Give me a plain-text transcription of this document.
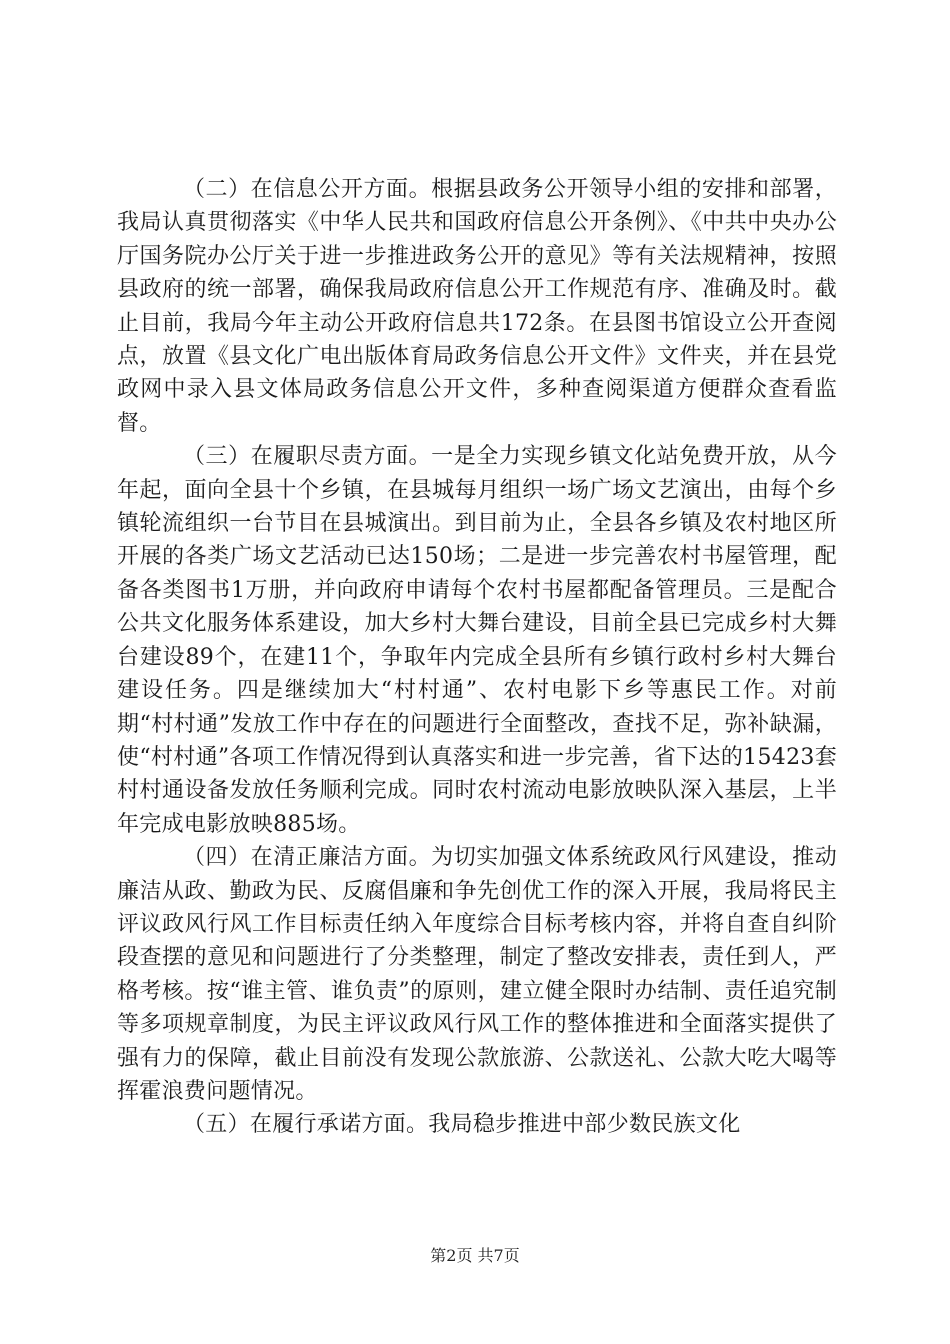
（二）在信息公开方面。根据县政务公开领导小组的安排和部署，我局认真贯彻落实《中华人民共和国政府信息公开条例》、《中共中央办公厅国务院办公厅关于进一步推进政务公开的意见》等有关法规精神，按照县政府的统一部署，确保我局政府信息公开工作规范有序、准确及时。截止目前，我局今年主动公开政府信息共172条。在县图书馆设立公开查阅点，放置《县文化广电出版体育局政务信息公开文件》文件夹，并在县党政网中录入县文体局政务信息公开文件，多种查阅渠道方便群众查看监督。

（三）在履职尽责方面。一是全力实现乡镇文化站免费开放，从今年起，面向全县十个乡镇，在县城每月组织一场广场文艺演出，由每个乡镇轮流组织一台节目在县城演出。到目前为止，全县各乡镇及农村地区所开展的各类广场文艺活动已达150场；二是进一步完善农村书屋管理，配备各类图书1万册，并向政府申请每个农村书屋都配备管理员。三是配合公共文化服务体系建设，加大乡村大舞台建设，目前全县已完成乡村大舞台建设89个，在建11个，争取年内完成全县所有乡镇行政村乡村大舞台建设任务。四是继续加大“村村通”、农村电影下乡等惠民工作。对前期“村村通”发放工作中存在的问题进行全面整改，查找不足，弥补缺漏，使“村村通”各项工作情况得到认真落实和进一步完善，省下达的15423套村村通设备发放任务顺利完成。同时农村流动电影放映队深入基层，上半年完成电影放映885场。

（四）在清正廉洁方面。为切实加强文体系统政风行风建设，推动廉洁从政、勤政为民、反腐倡廉和争先创优工作的深入开展，我局将民主评议政风行风工作目标责任纳入年度综合目标考核内容，并将自查自纠阶段查摆的意见和问题进行了分类整理，制定了整改安排表，责任到人，严格考核。按“谁主管、谁负责”的原则，建立健全限时办结制、责任追究制等多项规章制度，为民主评议政风行风工作的整体推进和全面落实提供了强有力的保障，截止目前没有发现公款旅游、公款送礼、公款大吃大喝等挥霍浪费问题情况。

（五）在履行承诺方面。我局稳步推进中部少数民族文化

第2页 共7页
